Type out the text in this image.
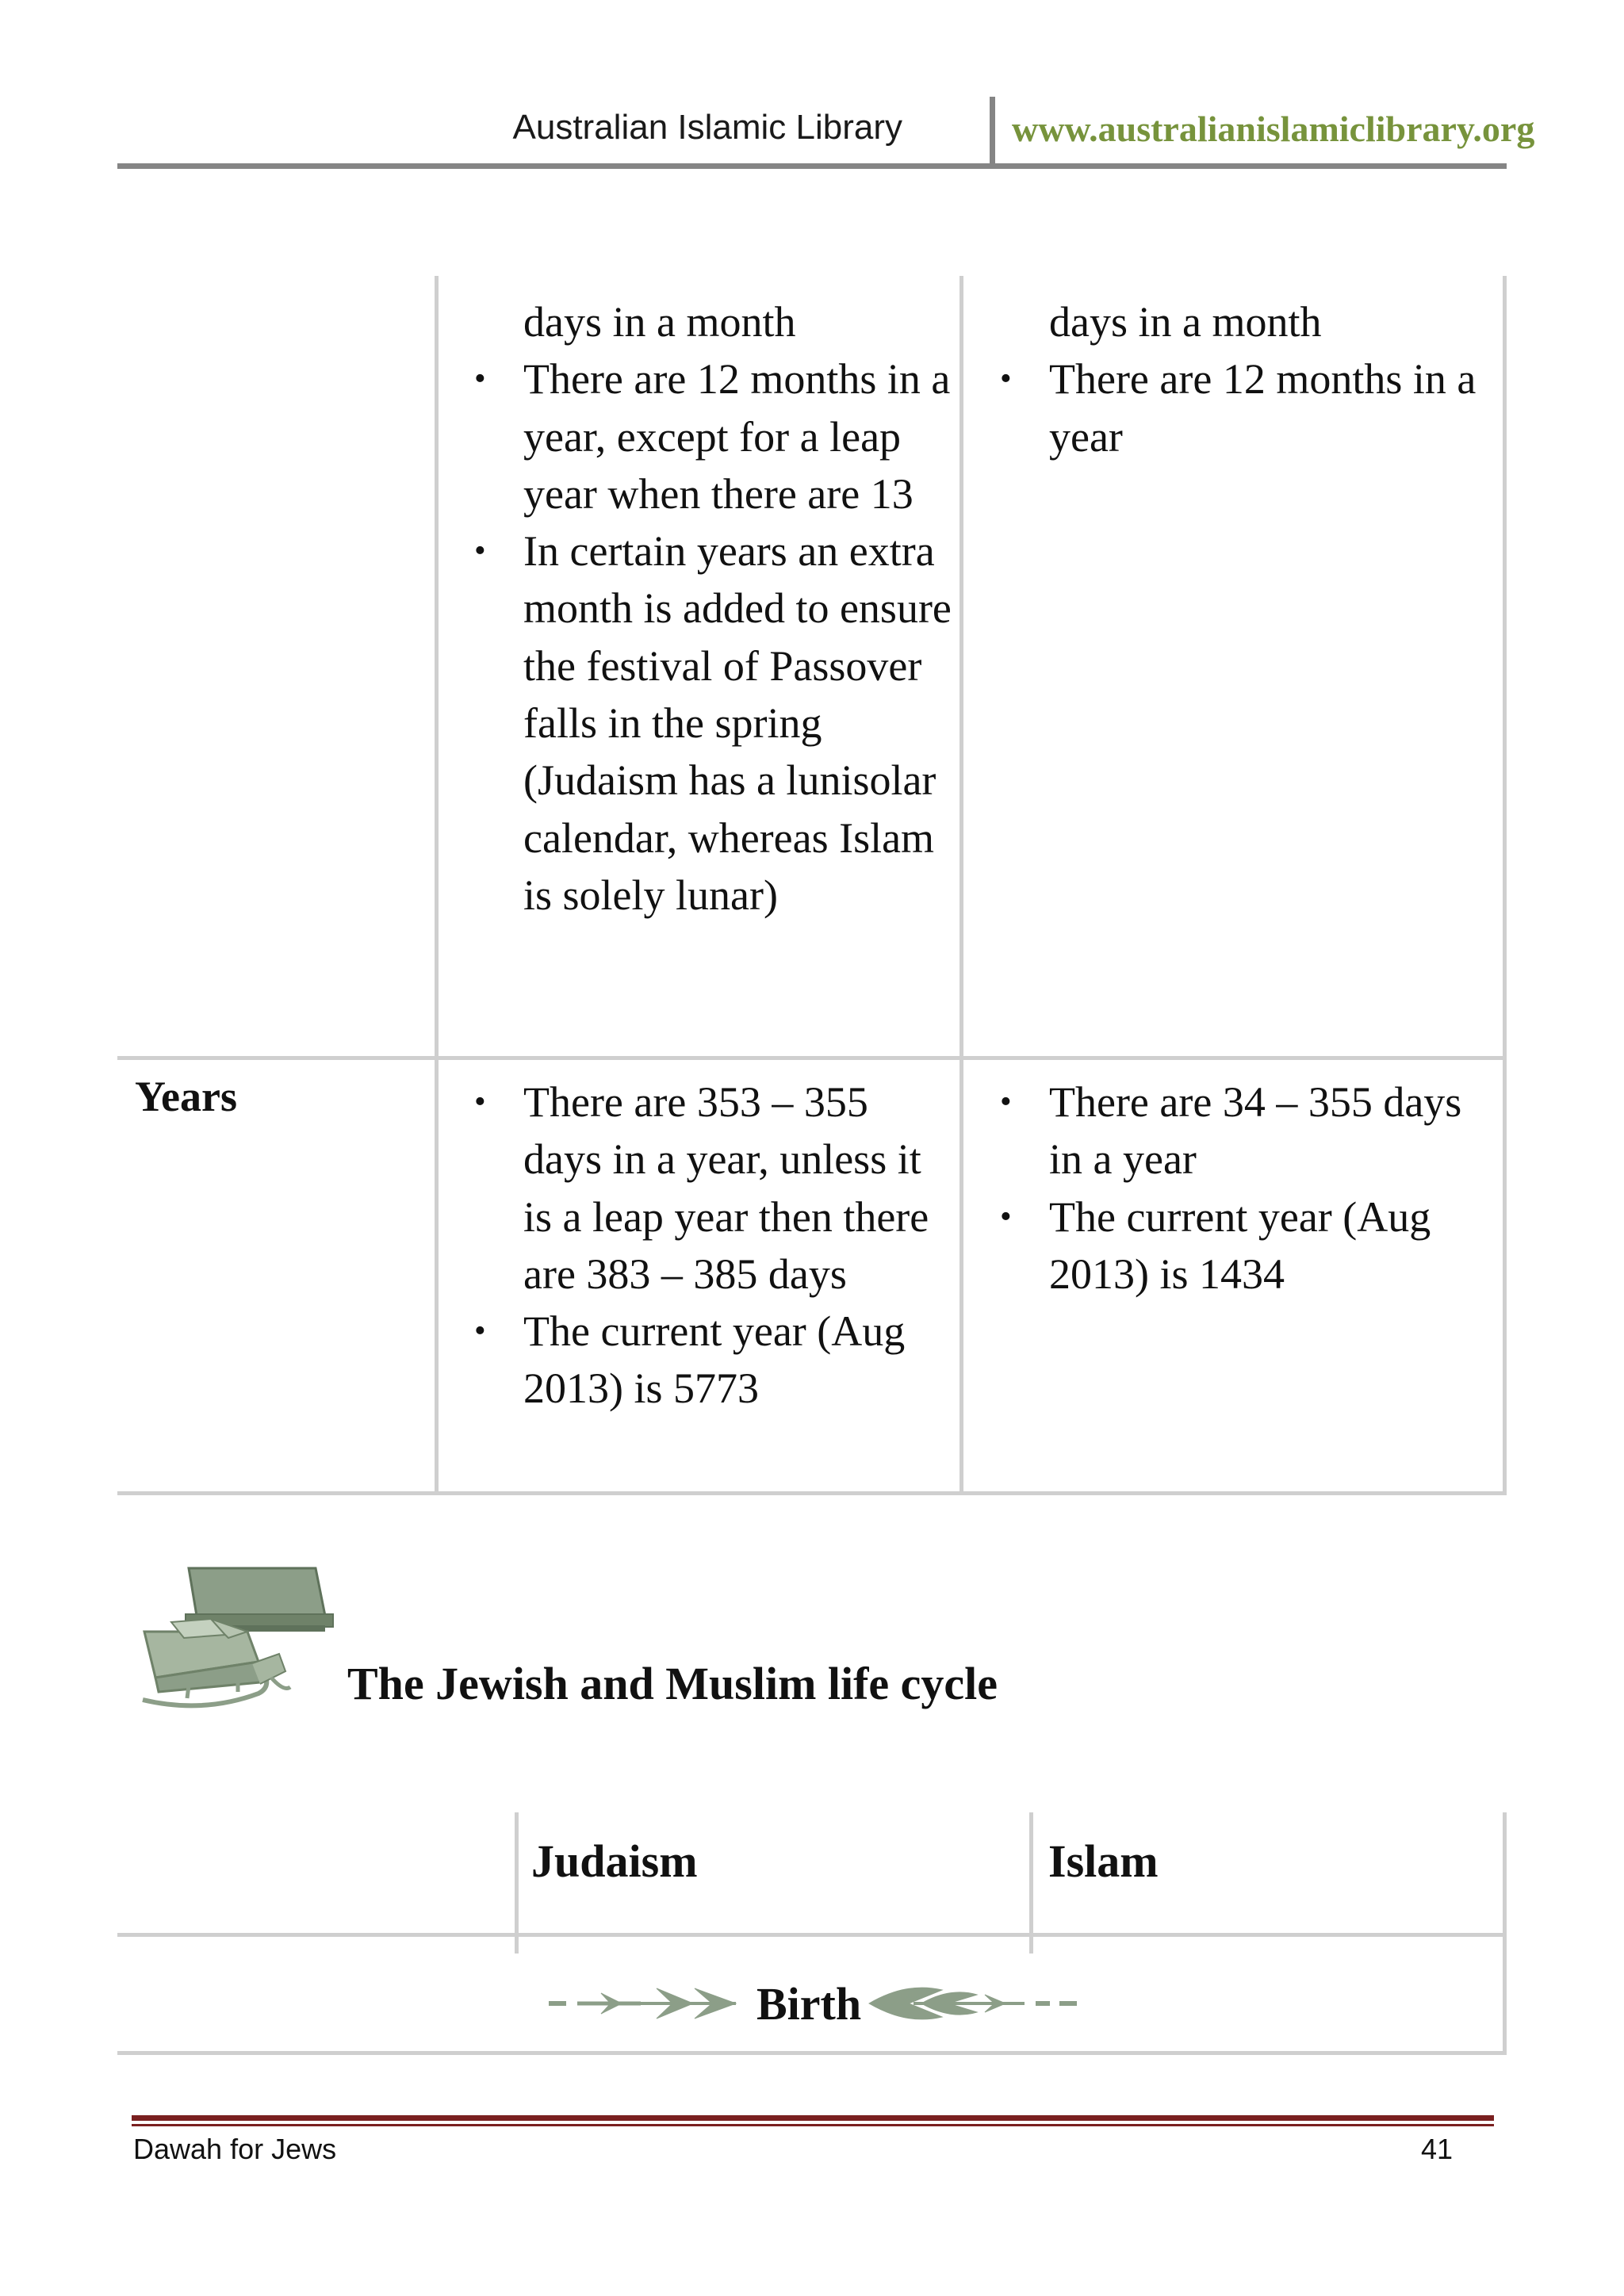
Australian Islamic Library	www.australianislamiclibrary.org
days in a month
• There are 12 months in a year, except for a leap year when there are 13
• In certain years an extra month is added to ensure the festival of Passover falls in the spring (Judaism has a lunisolar calendar, whereas Islam is solely lunar)
days in a month
• There are 12 months in a year
Years
•	There are 353 – 355 days in a year, unless it is a leap year then there are 383 – 385 days
• The current year (Aug 2013) is 5773
• There are 34 – 355 days in a year
• The current year (Aug 2013) is 1434
The Jewish and Muslim life cycle
Judaism	Islam
Birth
Dawah for Jews	41
